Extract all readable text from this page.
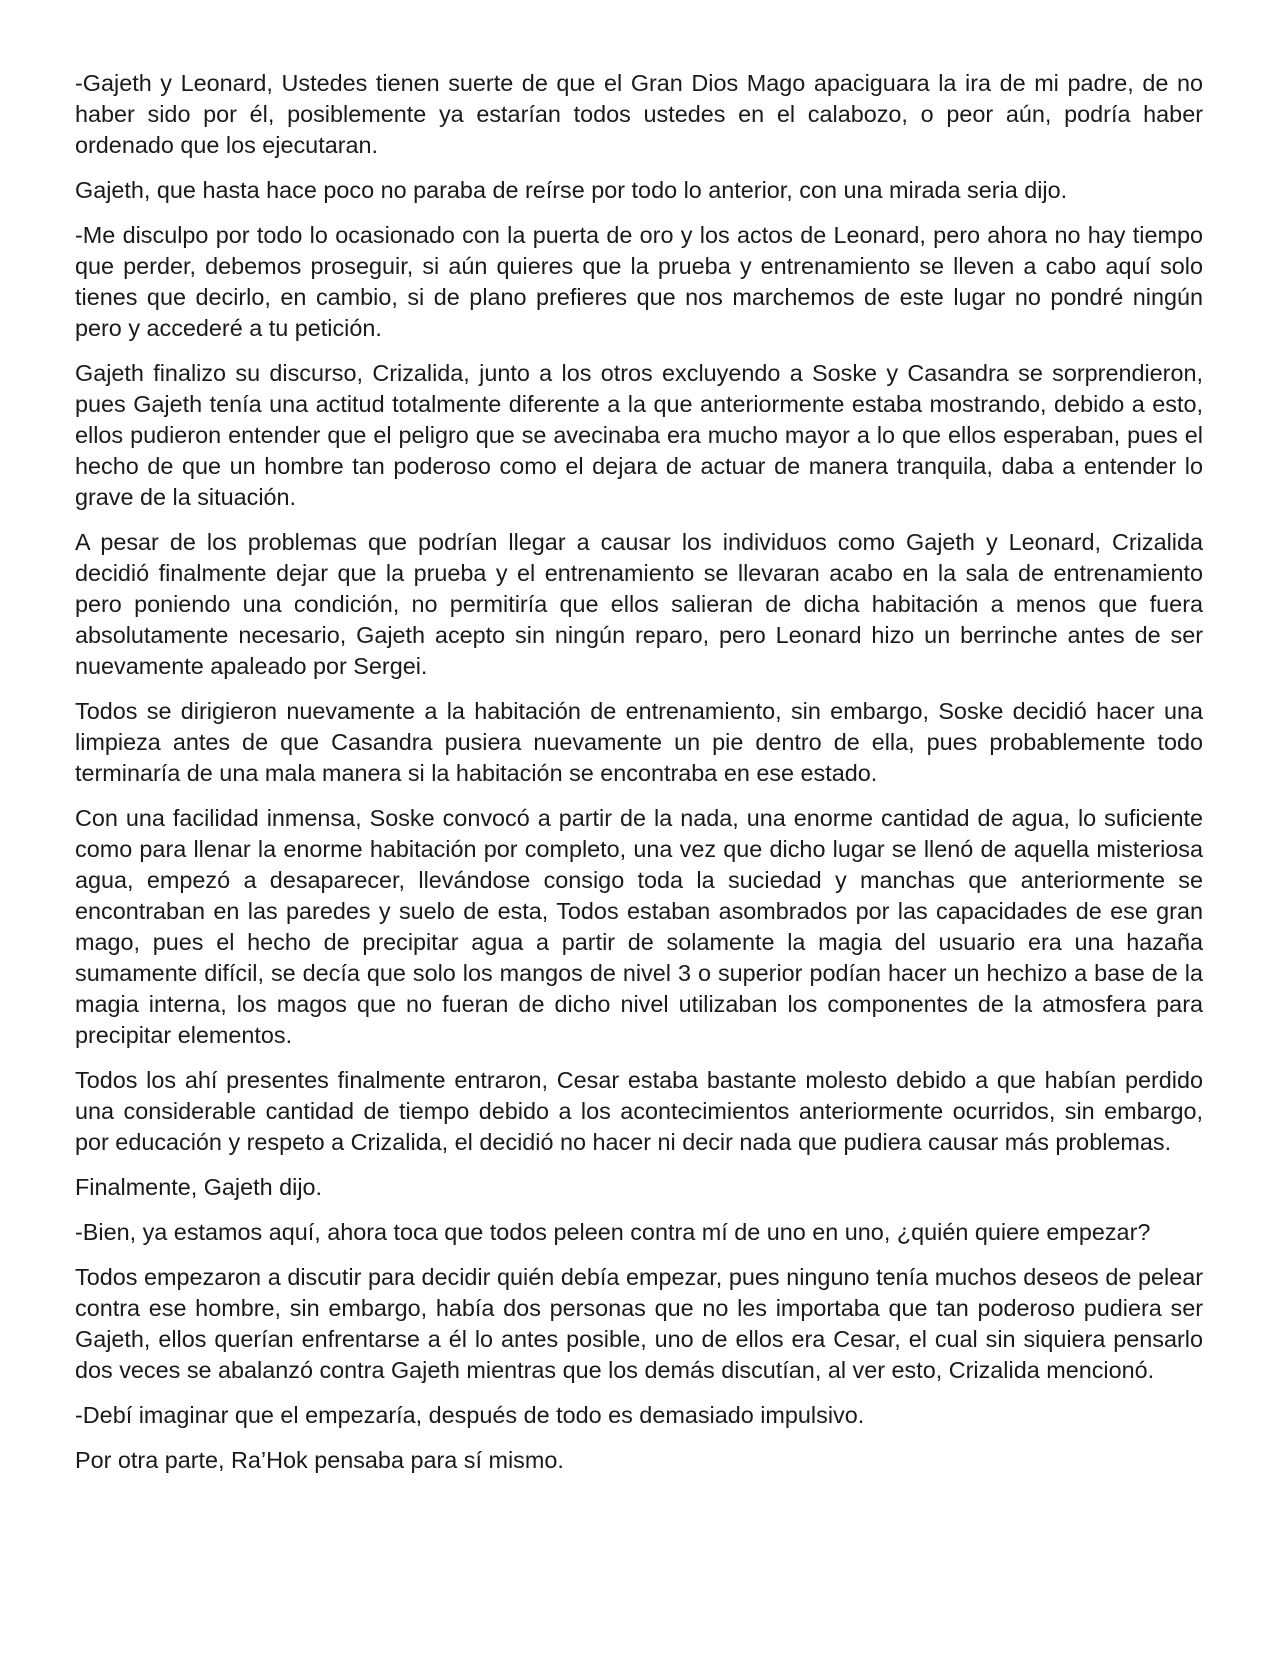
-Gajeth y Leonard, Ustedes tienen suerte de que el Gran Dios Mago apaciguara la ira de mi padre, de no haber sido por él, posiblemente ya estarían todos ustedes en el calabozo, o peor aún, podría haber ordenado que los ejecutaran.

Gajeth, que hasta hace poco no paraba de reírse por todo lo anterior, con una mirada seria dijo.

-Me disculpo por todo lo ocasionado con la puerta de oro y los actos de Leonard, pero ahora no hay tiempo que perder, debemos proseguir, si aún quieres que la prueba y entrenamiento se lleven a cabo aquí solo tienes que decirlo, en cambio, si de plano prefieres que nos marchemos de este lugar no pondré ningún pero y accederé a tu petición.

Gajeth finalizo su discurso, Crizalida, junto a los otros excluyendo a Soske y Casandra se sorprendieron, pues Gajeth tenía una actitud totalmente diferente a la que anteriormente estaba mostrando, debido a esto, ellos pudieron entender que el peligro que se avecinaba era mucho mayor a lo que ellos esperaban, pues el hecho de que un hombre tan poderoso como el dejara de actuar de manera tranquila, daba a entender lo grave de la situación.

A pesar de los problemas que podrían llegar a causar los individuos como Gajeth y Leonard, Crizalida decidió finalmente dejar que la prueba y el entrenamiento se llevaran acabo en la sala de entrenamiento pero poniendo una condición, no permitiría que ellos salieran de dicha habitación a menos que fuera absolutamente necesario, Gajeth acepto sin ningún reparo, pero Leonard hizo un berrinche antes de ser nuevamente apaleado por Sergei.

Todos se dirigieron nuevamente a la habitación de entrenamiento, sin embargo, Soske decidió hacer una limpieza antes de que Casandra pusiera nuevamente un pie dentro de ella, pues probablemente todo terminaría de una mala manera si la habitación se encontraba en ese estado.

Con una facilidad inmensa, Soske convocó a partir de la nada, una enorme cantidad de agua, lo suficiente como para llenar la enorme habitación por completo, una vez que dicho lugar se llenó de aquella misteriosa agua, empezó a desaparecer, llevándose consigo toda la suciedad y manchas que anteriormente se encontraban en las paredes y suelo de esta, Todos estaban asombrados por las capacidades de ese gran mago, pues el hecho de precipitar agua a partir de solamente la magia del usuario era una hazaña sumamente difícil, se decía que solo los mangos de nivel 3 o superior podían hacer un hechizo a base de la magia interna, los magos que no fueran de dicho nivel utilizaban los componentes de la atmosfera para precipitar elementos.

Todos los ahí presentes finalmente entraron, Cesar estaba bastante molesto debido a que habían perdido una considerable cantidad de tiempo debido a los acontecimientos anteriormente ocurridos, sin embargo, por educación y respeto a Crizalida, el decidió no hacer ni decir nada que pudiera causar más problemas.

Finalmente, Gajeth dijo.

-Bien, ya estamos aquí, ahora toca que todos peleen contra mí de uno en uno, ¿quién quiere empezar?

Todos empezaron a discutir para decidir quién debía empezar, pues ninguno tenía muchos deseos de pelear contra ese hombre, sin embargo, había dos personas que no les importaba que tan poderoso pudiera ser Gajeth, ellos querían enfrentarse a él lo antes posible, uno de ellos era Cesar, el cual sin siquiera pensarlo dos veces se abalanzó contra Gajeth mientras que los demás discutían, al ver esto, Crizalida mencionó.

-Debí imaginar que el empezaría, después de todo es demasiado impulsivo.

Por otra parte, Ra’Hok pensaba para sí mismo.
